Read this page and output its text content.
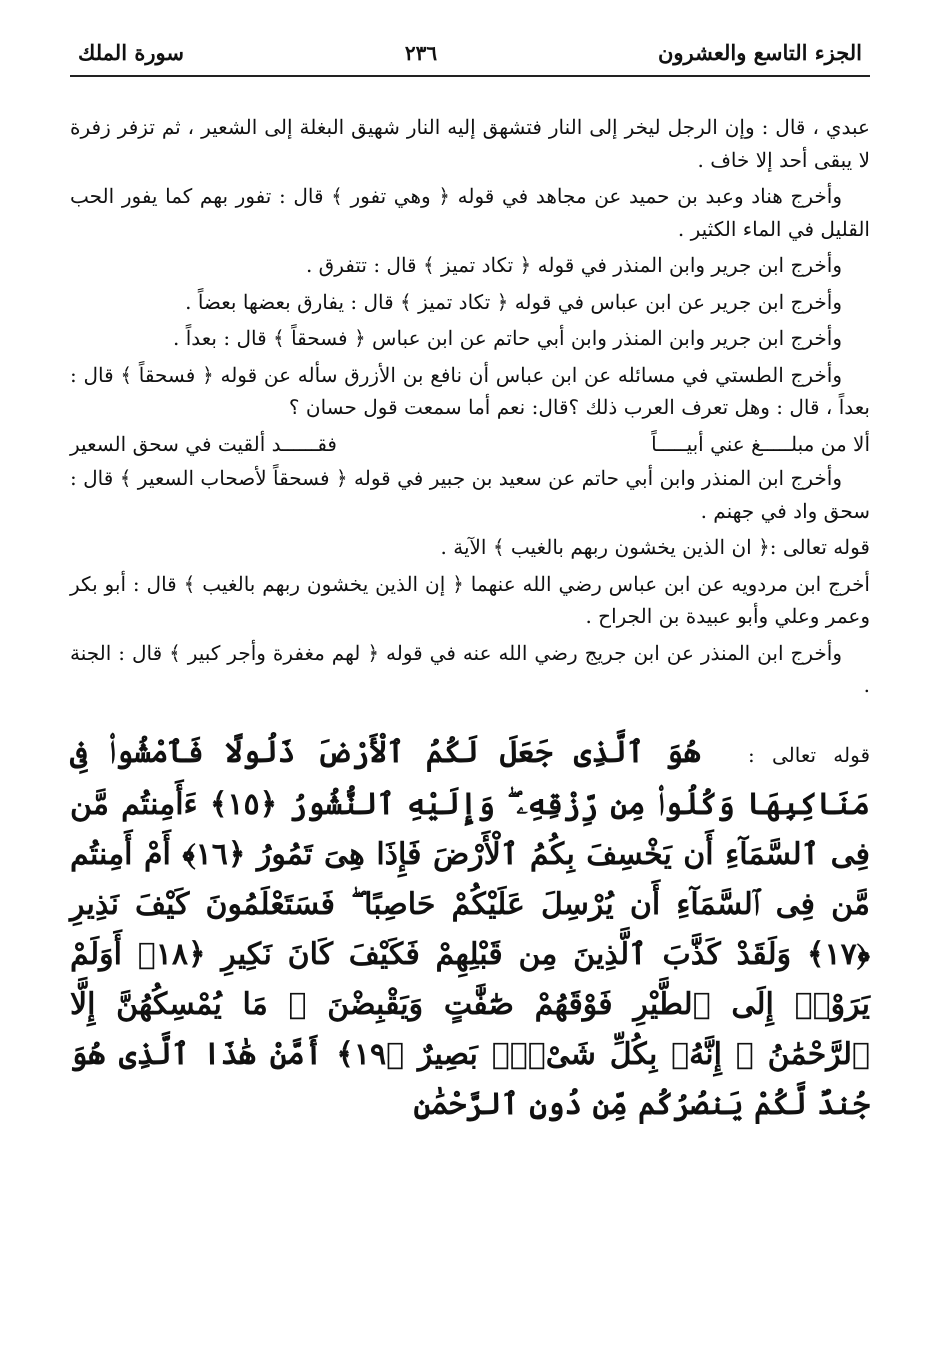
الجزء التاسع والعشرون
٢٣٦
سورة الملك

عبدي ، قال : وإن الرجل ليخر إلى النار فتشهق إليه النار شهيق البغلة إلى الشعير ، ثم تزفر زفرة لا يبقى أحد إلا خاف .

وأخرج هناد وعبد بن حميد عن مجاهد في قوله ﴿ وهي تفور ﴾ قال : تفور بهم كما يفور الحب القليل في الماء الكثير .

وأخرج ابن جرير وابن المنذر في قوله ﴿ تكاد تميز ﴾ قال : تتفرق .

وأخرج ابن جرير عن ابن عباس في قوله ﴿ تكاد تميز ﴾ قال : يفارق بعضها بعضاً .

وأخرج ابن جرير وابن المنذر وابن أبي حاتم عن ابن عباس ﴿ فسحقاً ﴾ قال : بعداً .

وأخرج الطستي في مسائله عن ابن عباس أن نافع بن الأزرق سأله عن قوله ﴿ فسحقاً ﴾ قال : بعداً ، قال : وهل تعرف العرب ذلك ؟قال: نعم أما سمعت قول حسان ؟

ألا من مبلـــــغ عني أبيـــــاً
فقــــــد ألقيت في سحق السعير

وأخرج ابن المنذر وابن أبي حاتم عن سعيد بن جبير في قوله ﴿ فسحقاً لأصحاب السعير ﴾ قال : سحق واد في جهنم .

قوله تعالى :﴿ ان الذين يخشون ربهم بالغيب ﴾ الآية .

أخرج ابن مردويه عن ابن عباس رضي الله عنهما ﴿ إن الذين يخشون ربهم بالغيب ﴾ قال : أبو بكر وعمر وعلي وأبو عبيدة بن الجراح .

وأخرج ابن المنذر عن ابن جريج رضي الله عنه في قوله ﴿ لهم مغفرة وأجر كبير ﴾ قال : الجنة .

قوله تعالى : هُوَ ٱلَّذِى جَعَلَ لَكُمُ ٱلْأَرْضَ ذَلُولًا فَٱمْشُوا۟ فِى مَنَاكِبِهَا وَكُلُوا۟ مِن رِّزْقِهِۦ ۖ وَإِلَيْهِ ٱلنُّشُورُ ﴿١٥﴾ ءَأَمِنتُم مَّن فِى ٱلسَّمَآءِ أَن يَخْسِفَ بِكُمُ ٱلْأَرْضَ فَإِذَا هِىَ تَمُورُ ﴿١٦﴾ أَمْ أَمِنتُم مَّن فِى ٱلسَّمَآءِ أَن يُرْسِلَ عَلَيْكُمْ حَاصِبًا ۖ فَسَتَعْلَمُونَ كَيْفَ نَذِيرِ ﴿١٧﴾ وَلَقَدْ كَذَّبَ ٱلَّذِينَ مِن قَبْلِهِمْ فَكَيْفَ كَانَ نَكِيرِ ﴿١٨﴾ أَوَلَمْ يَرَوْا۟ إِلَى ٱلطَّيْرِ فَوْقَهُمْ صَٰٓفَّٰتٍ وَيَقْبِضْنَ ۚ مَا يُمْسِكُهُنَّ إِلَّا ٱلرَّحْمَٰنُ ۚ إِنَّهُۥ بِكُلِّ شَىْءٍۭ بَصِيرٌ ﴿١٩﴾ أَمَّنْ هَٰذَا ٱلَّذِى هُوَ جُندٌ لَّكُمْ يَنصُرُكُم مِّن دُونِ ٱلرَّحْمَٰنِ
